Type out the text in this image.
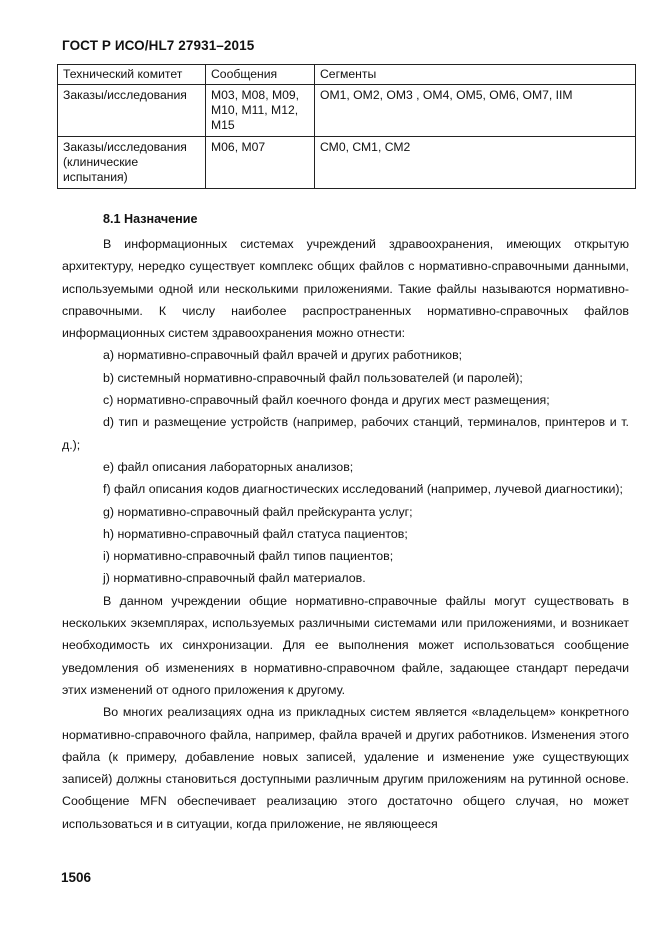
ГОСТ Р ИСО/HL7 27931–2015
Технический комитет	Сообщения	Сегменты
Заказы/исследования	М03, М08, М09, М10, М11, М12, М15	ОМ1, ОМ2, ОМ3 , ОМ4, ОМ5, ОМ6, ОМ7, IIM
Заказы/исследования (клинические испытания)	М06, М07	СМ0, СМ1, СМ2
8.1 Назначение

В информационных системах учреждений здравоохранения, имеющих открытую архитектуру, нередко существует комплекс общих файлов с нормативно-справочными данными, используемыми одной или несколькими приложениями. Такие файлы называются нормативно-справочными. К числу наиболее распространенных нормативно-справочных файлов информационных систем здравоохранения можно отнести:

а) нормативно-справочный файл врачей и других работников;

b) системный нормативно-справочный файл пользователей (и паролей);

c) нормативно-справочный файл коечного фонда и других мест размещения;

d) тип и размещение устройств (например, рабочих станций, терминалов, принтеров и т. д.);

е) файл описания лабораторных анализов;

f) файл описания кодов диагностических исследований (например, лучевой диагностики);

g) нормативно-справочный файл прейскуранта услуг;

h) нормативно-справочный файл статуса пациентов;

i) нормативно-справочный файл типов пациентов;

j) нормативно-справочный файл материалов.

В данном учреждении общие нормативно-справочные файлы могут существовать в нескольких экземплярах, используемых различными системами или приложениями, и возникает необходимость их синхронизации. Для ее выполнения может использоваться сообщение уведомления об изменениях в нормативно-справочном файле, задающее стандарт передачи этих изменений от одного приложения к другому.

Во многих реализациях одна из прикладных систем является «владельцем» конкретного нормативно-справочного файла, например, файла врачей и других работников. Изменения этого файла (к примеру, добавление новых записей, удаление и изменение уже существующих записей) должны становиться доступными различным другим приложениям на рутинной основе. Сообщение MFN обеспечивает реализацию этого достаточно общего случая, но может использоваться и в ситуации, когда приложение, не являющееся

1506
